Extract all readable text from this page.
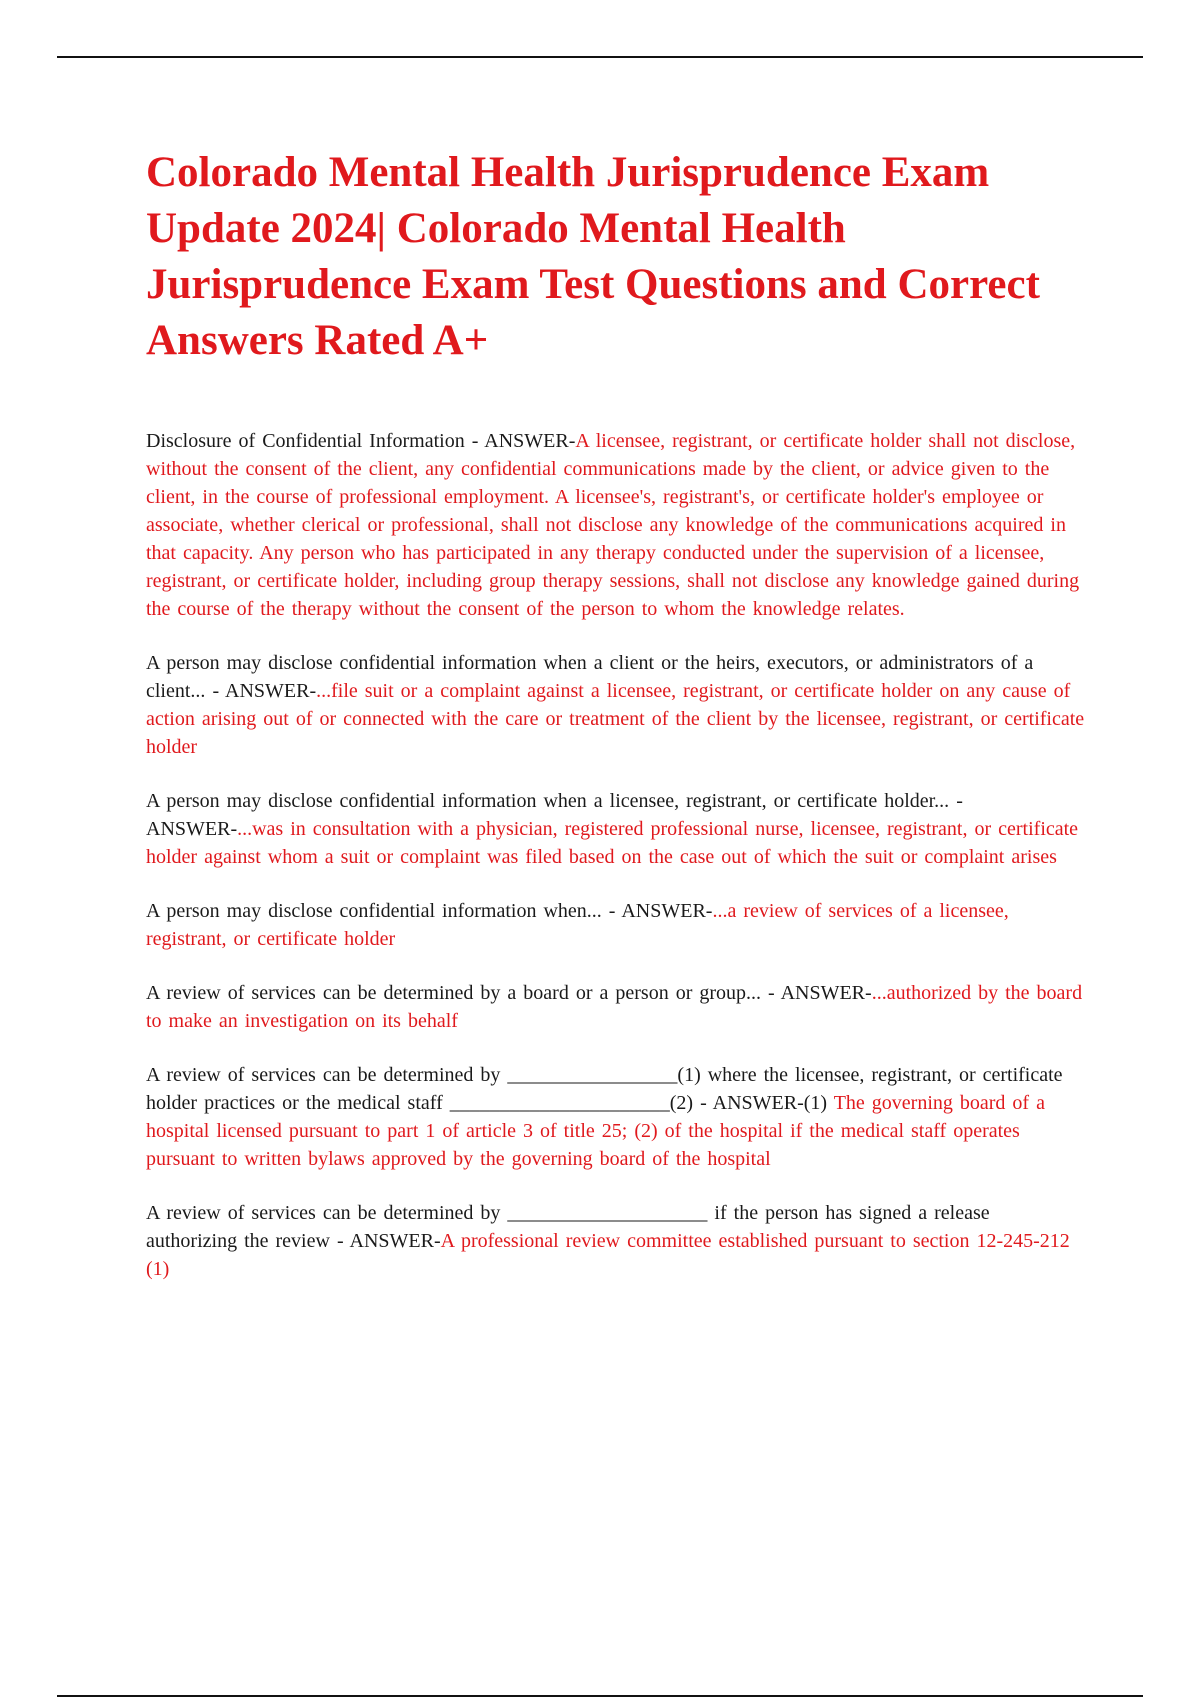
Colorado Mental Health Jurisprudence Exam Update 2024| Colorado Mental Health Jurisprudence Exam Test Questions and Correct Answers Rated A+

Disclosure of Confidential Information - ANSWER-A licensee, registrant, or certificate holder shall not disclose, without the consent of the client, any confidential communications made by the client, or advice given to the client, in the course of professional employment. A licensee's, registrant's, or certificate holder's employee or associate, whether clerical or professional, shall not disclose any knowledge of the communications acquired in that capacity. Any person who has participated in any therapy conducted under the supervision of a licensee, registrant, or certificate holder, including group therapy sessions, shall not disclose any knowledge gained during the course of the therapy without the consent of the person to whom the knowledge relates.

A person may disclose confidential information when a client or the heirs, executors, or administrators of a client... - ANSWER-...file suit or a complaint against a licensee, registrant, or certificate holder on any cause of action arising out of or connected with the care or treatment of the client by the licensee, registrant, or certificate holder

A person may disclose confidential information when a licensee, registrant, or certificate holder... - ANSWER-...was in consultation with a physician, registered professional nurse, licensee, registrant, or certificate holder against whom a suit or complaint was filed based on the case out of which the suit or complaint arises

A person may disclose confidential information when... - ANSWER-...a review of services of a licensee, registrant, or certificate holder

A review of services can be determined by a board or a person or group... - ANSWER-...authorized by the board to make an investigation on its behalf

A review of services can be determined by _________________(1) where the licensee, registrant, or certificate holder practices or the medical staff ______________________(2) - ANSWER-(1) The governing board of a hospital licensed pursuant to part 1 of article 3 of title 25; (2) of the hospital if the medical staff operates pursuant to written bylaws approved by the governing board of the hospital

A review of services can be determined by ____________________ if the person has signed a release authorizing the review - ANSWER-A professional review committee established pursuant to section 12-245-212 (1)
